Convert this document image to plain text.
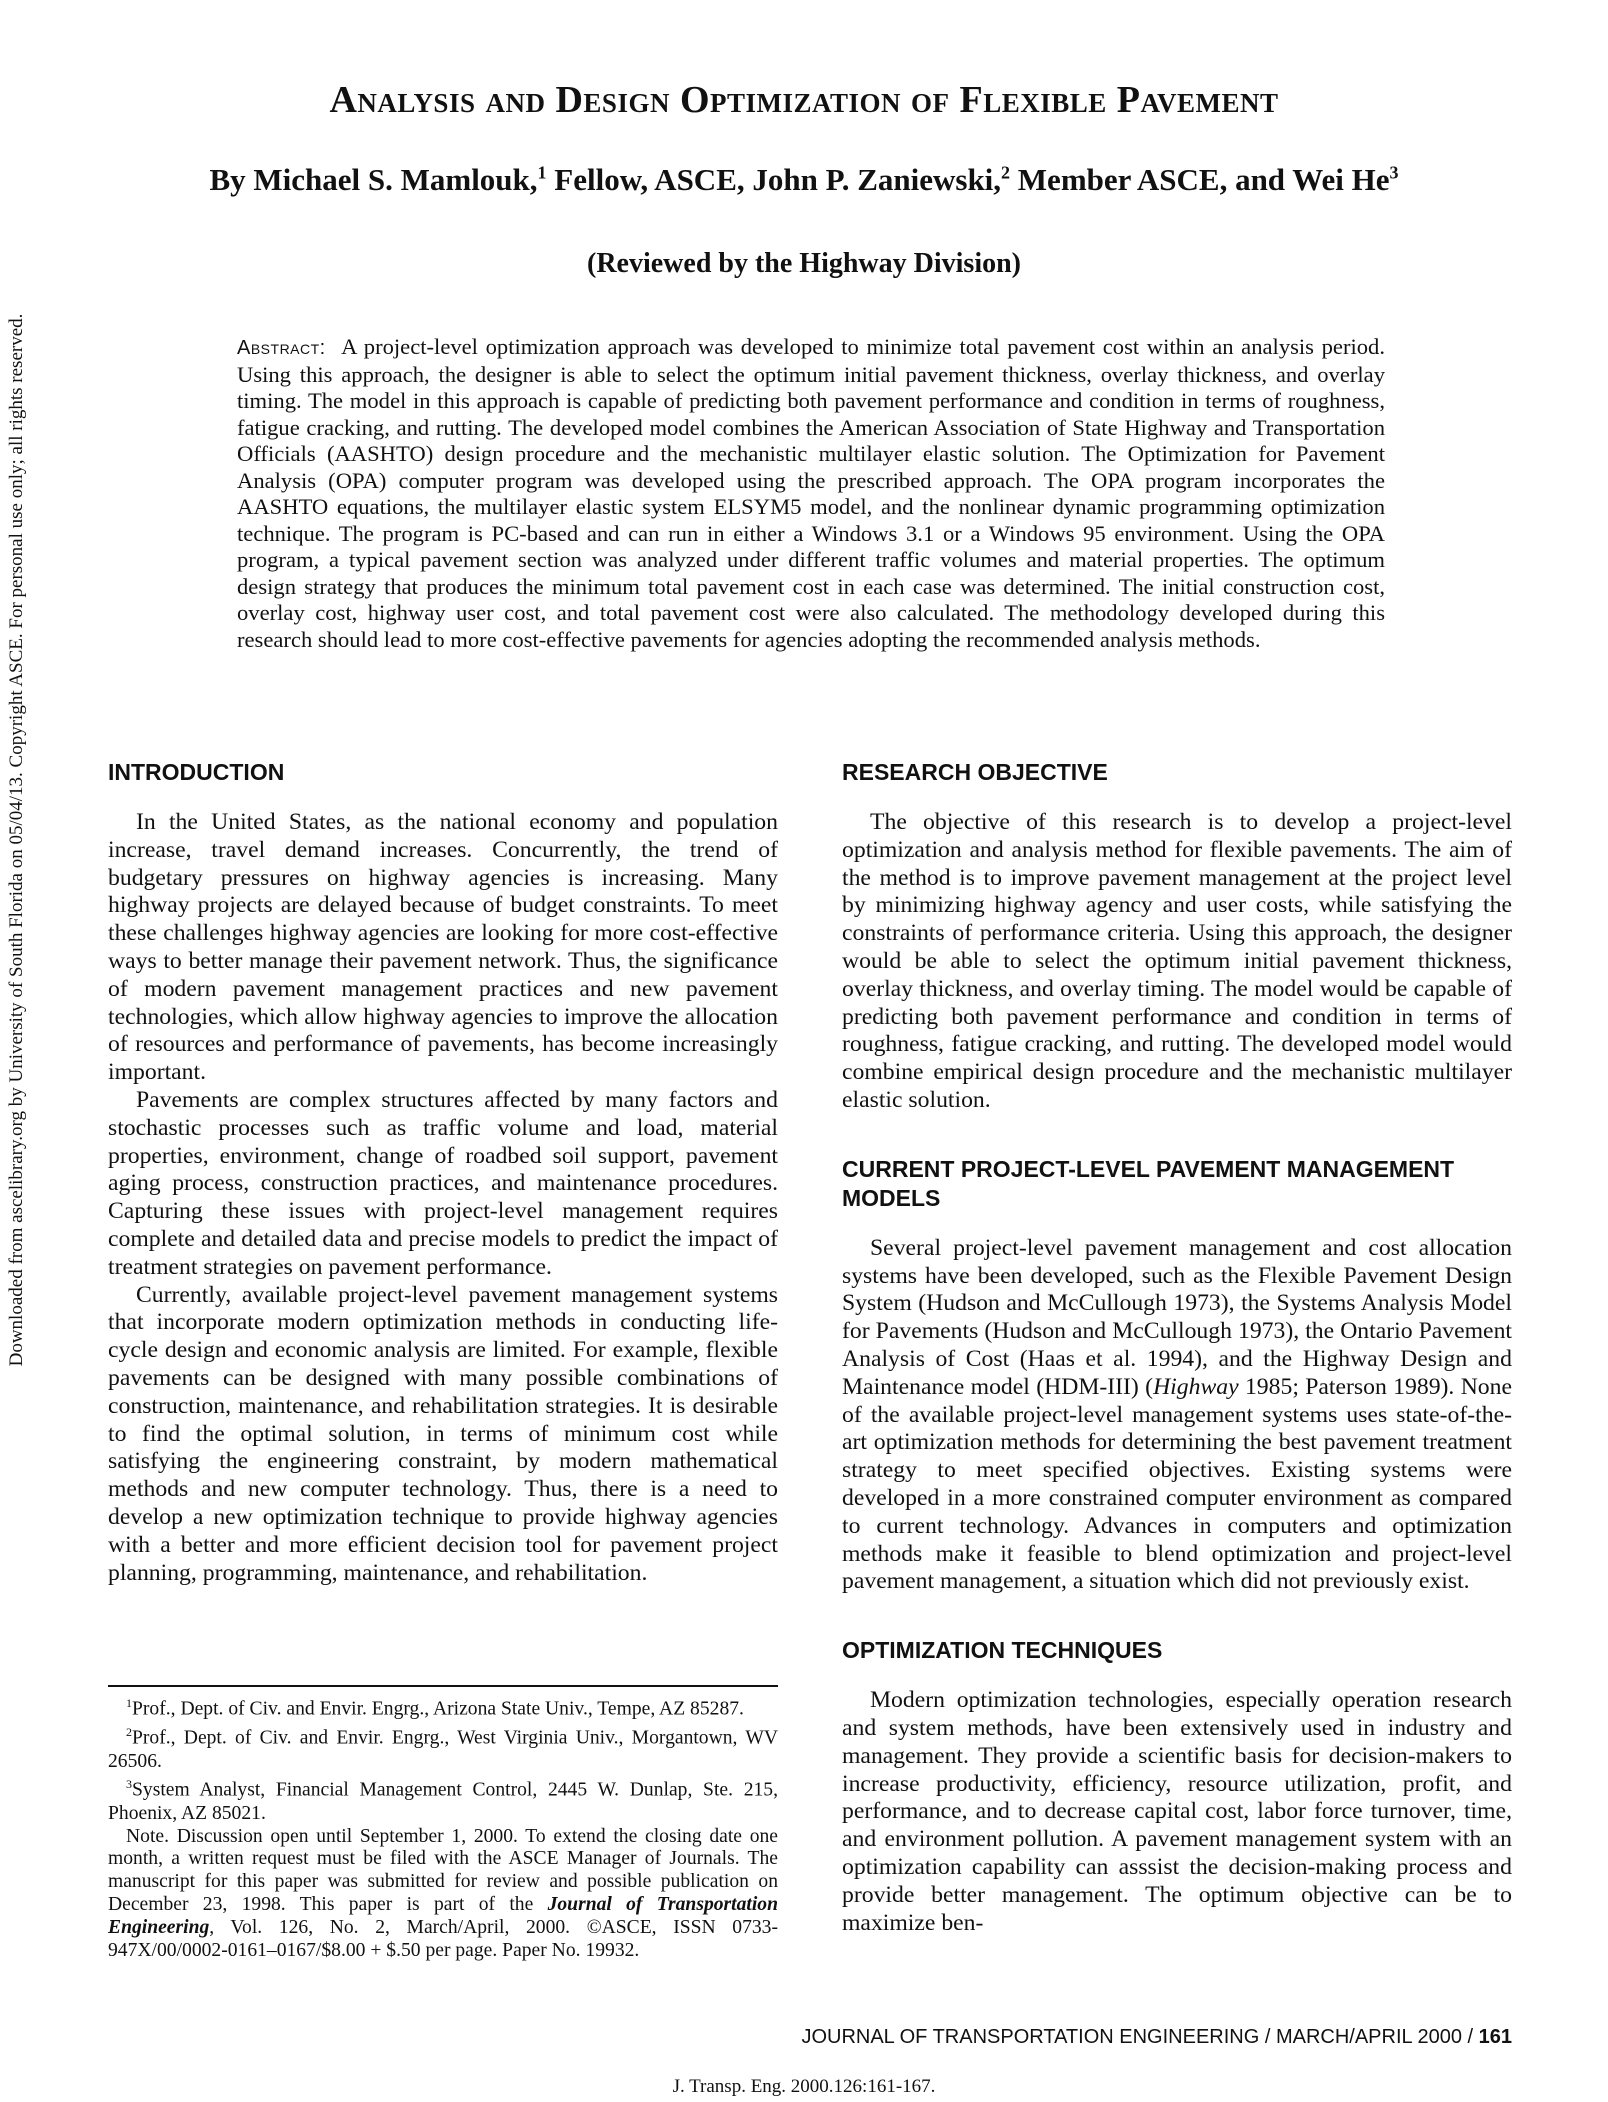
Downloaded from ascelibrary.org by University of South Florida on 05/04/13. Copyright ASCE. For personal use only; all rights reserved.
Analysis and Design Optimization of Flexible Pavement

By Michael S. Mamlouk,$^1$ Fellow, ASCE, John P. Zaniewski,$^2$ Member ASCE, and Wei He$^3$

(Reviewed by the Highway Division)

Abstract: A project-level optimization approach was developed to minimize total pavement cost within an analysis period. Using this approach, the designer is able to select the optimum initial pavement thickness, overlay thickness, and overlay timing. The model in this approach is capable of predicting both pavement performance and condition in terms of roughness, fatigue cracking, and rutting. The developed model combines the American Association of State Highway and Transportation Officials (AASHTO) design procedure and the mechanistic multilayer elastic solution. The Optimization for Pavement Analysis (OPA) computer program was developed using the prescribed approach. The OPA program incorporates the AASHTO equations, the multilayer elastic system ELSYM5 model, and the nonlinear dynamic programming optimization technique. The program is PC-based and can run in either a Windows 3.1 or a Windows 95 environment. Using the OPA program, a typical pavement section was analyzed under different traffic volumes and material properties. The optimum design strategy that produces the minimum total pavement cost in each case was determined. The initial construction cost, overlay cost, highway user cost, and total pavement cost were also calculated. The methodology developed during this research should lead to more cost-effective pavements for agencies adopting the recommended analysis methods.

INTRODUCTION

In the United States, as the national economy and population increase, travel demand increases. Concurrently, the trend of budgetary pressures on highway agencies is increasing. Many highway projects are delayed because of budget constraints. To meet these challenges highway agencies are looking for more cost-effective ways to better manage their pavement network. Thus, the significance of modern pavement management practices and new pavement technologies, which allow highway agencies to improve the allocation of resources and performance of pavements, has become increasingly important.

Pavements are complex structures affected by many factors and stochastic processes such as traffic volume and load, material properties, environment, change of roadbed soil support, pavement aging process, construction practices, and maintenance procedures. Capturing these issues with project-level management requires complete and detailed data and precise models to predict the impact of treatment strategies on pavement performance.

Currently, available project-level pavement management systems that incorporate modern optimization methods in conducting life-cycle design and economic analysis are limited. For example, flexible pavements can be designed with many possible combinations of construction, maintenance, and rehabilitation strategies. It is desirable to find the optimal solution, in terms of minimum cost while satisfying the engineering constraint, by modern mathematical methods and new computer technology. Thus, there is a need to develop a new optimization technique to provide highway agencies with a better and more efficient decision tool for pavement project planning, programming, maintenance, and rehabilitation.

$^1$Prof., Dept. of Civ. and Envir. Engrg., Arizona State Univ., Tempe, AZ 85287.

$^2$Prof., Dept. of Civ. and Envir. Engrg., West Virginia Univ., Morgantown, WV 26506.

$^3$System Analyst, Financial Management Control, 2445 W. Dunlap, Ste. 215, Phoenix, AZ 85021.

Note. Discussion open until September 1, 2000. To extend the closing date one month, a written request must be filed with the ASCE Manager of Journals. The manuscript for this paper was submitted for review and possible publication on December 23, 1998. This paper is part of the Journal of Transportation Engineering, Vol. 126, No. 2, March/April, 2000. ©ASCE, ISSN 0733-947X/00/0002-0161–0167/$8.00 + $.50 per page. Paper No. 19932.

RESEARCH OBJECTIVE

The objective of this research is to develop a project-level optimization and analysis method for flexible pavements. The aim of the method is to improve pavement management at the project level by minimizing highway agency and user costs, while satisfying the constraints of performance criteria. Using this approach, the designer would be able to select the optimum initial pavement thickness, overlay thickness, and overlay timing. The model would be capable of predicting both pavement performance and condition in terms of roughness, fatigue cracking, and rutting. The developed model would combine empirical design procedure and the mechanistic multilayer elastic solution.

CURRENT PROJECT-LEVEL PAVEMENT MANAGEMENT MODELS

Several project-level pavement management and cost allocation systems have been developed, such as the Flexible Pavement Design System (Hudson and McCullough 1973), the Systems Analysis Model for Pavements (Hudson and McCullough 1973), the Ontario Pavement Analysis of Cost (Haas et al. 1994), and the Highway Design and Maintenance model (HDM-III) (Highway 1985; Paterson 1989). None of the available project-level management systems uses state-of-the-art optimization methods for determining the best pavement treatment strategy to meet specified objectives. Existing systems were developed in a more constrained computer environment as compared to current technology. Advances in computers and optimization methods make it feasible to blend optimization and project-level pavement management, a situation which did not previously exist.

OPTIMIZATION TECHNIQUES

Modern optimization technologies, especially operation research and system methods, have been extensively used in industry and management. They provide a scientific basis for decision-makers to increase productivity, efficiency, resource utilization, profit, and performance, and to decrease capital cost, labor force turnover, time, and environment pollution. A pavement management system with an optimization capability can asssist the decision-making process and provide better management. The optimum objective can be to maximize ben-

JOURNAL OF TRANSPORTATION ENGINEERING / MARCH/APRIL 2000 / 161

J. Transp. Eng. 2000.126:161-167.
